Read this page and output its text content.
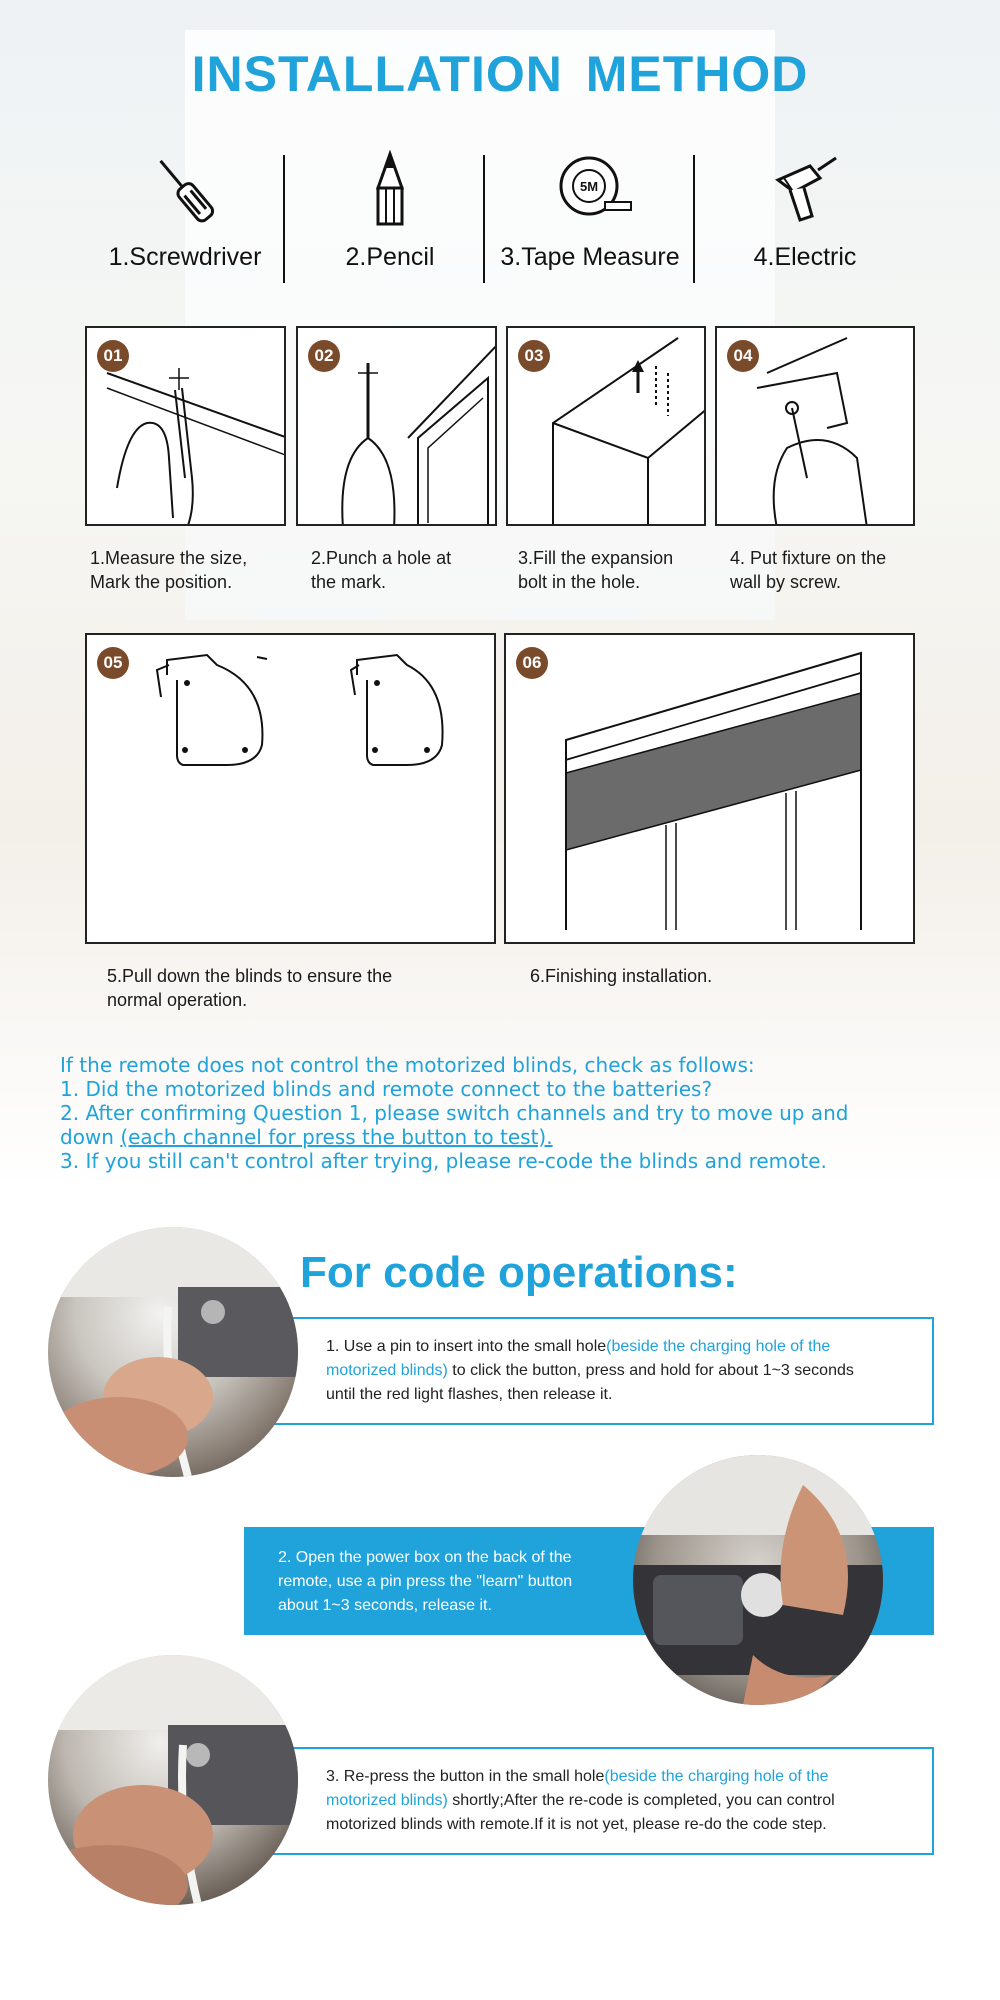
INSTALLATION METHOD
1.Screwdriver	2.Pencil
5M
3.Tape Measure	4.Electric
01	02	03	04
1.Measure the size,
Mark the position.
2.Punch a hole at
the mark.
3.Fill the expansion
bolt in the hole.
4. Put fixture on the
wall by screw.
05	06
5.Pull down the blinds to ensure the
normal operation.
6.Finishing installation.
If the remote does not control the motorized blinds, check as follows:
1. Did the motorized blinds and remote connect to the batteries?
2. After confirming Question 1, please switch channels and try to move up and
down (each channel for press the button to test).
3. If you still can't control after trying, please re-code the blinds and remote.
For code operations:
1. Use a pin to insert into the small hole(beside the charging hole of the
motorized blinds) to click the button, press and hold for about 1~3 seconds
until the red light flashes, then release it.
2. Open the power box on the back of the
remote, use a pin press the "learn" button
about 1~3 seconds, release it.
3. Re-press the button in the small hole(beside the charging hole of the
motorized blinds) shortly;After the re-code is completed, you can control
motorized blinds with remote.If it is not yet, please re-do the code step.
